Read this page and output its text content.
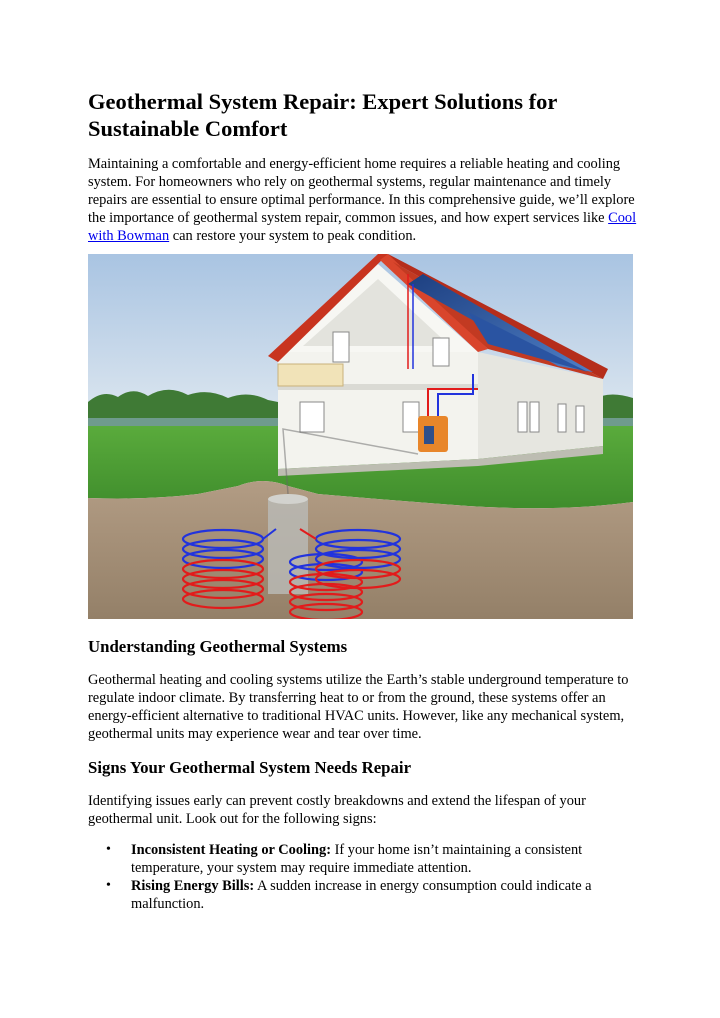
Geothermal System Repair: Expert Solutions for Sustainable Comfort

Maintaining a comfortable and energy-efficient home requires a reliable heating and cooling system. For homeowners who rely on geothermal systems, regular maintenance and timely repairs are essential to ensure optimal performance. In this comprehensive guide, we’ll explore the importance of geothermal system repair, common issues, and how expert services like Cool with Bowman can restore your system to peak condition.

Understanding Geothermal Systems

Geothermal heating and cooling systems utilize the Earth’s stable underground temperature to regulate indoor climate. By transferring heat to or from the ground, these systems offer an energy-efficient alternative to traditional HVAC units. However, like any mechanical system, geothermal units may experience wear and tear over time.

Signs Your Geothermal System Needs Repair

Identifying issues early can prevent costly breakdowns and extend the lifespan of your geothermal unit. Look out for the following signs:

• Inconsistent Heating or Cooling: If your home isn’t maintaining a consistent temperature, your system may require immediate attention.
• Rising Energy Bills: A sudden increase in energy consumption could indicate a malfunction.
